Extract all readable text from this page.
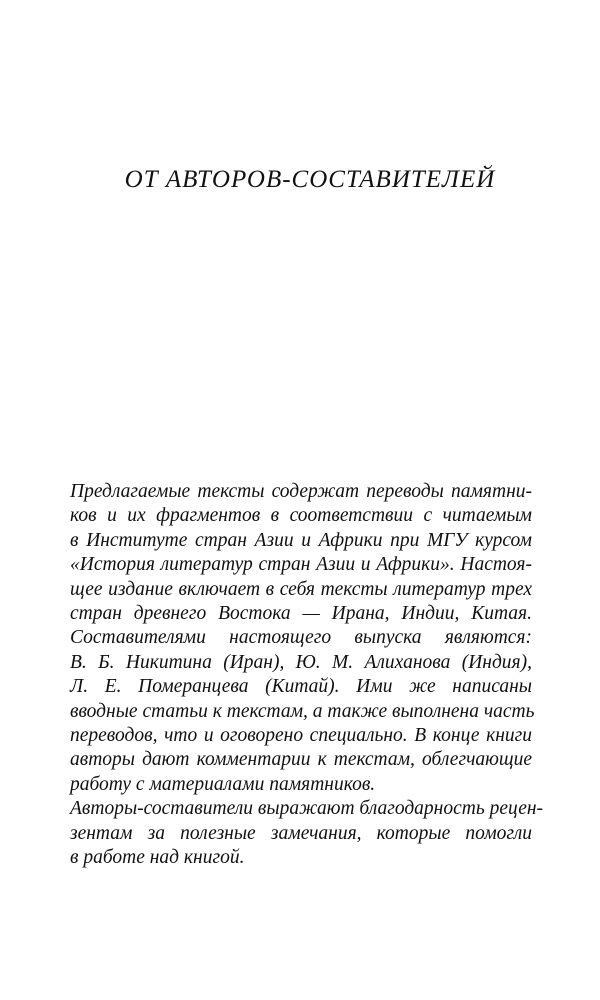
ОТ АВТОРОВ-СОСТАВИТЕЛЕЙ
Предлагаемые тексты содержат переводы памятни-
ков и их фрагментов в соответствии с читаемым
в Институте стран Азии и Африки при МГУ курсом
«История литератур стран Азии и Африки». Настоя-
щее издание включает в себя тексты литератур трех
стран древнего Востока — Ирана, Индии, Китая.
Составителями настоящего выпуска являются:
В. Б. Никитина (Иран), Ю. М. Алиханова (Индия),
Л. Е. Померанцева (Китай). Ими же написаны
вводные статьи к текстам, а также выполнена часть
переводов, что и оговорено специально. В конце книги
авторы дают комментарии к текстам, облегчающие
работу с материалами памятников.
Авторы-составители выражают благодарность рецен-
зентам за полезные замечания, которые помогли
в работе над книгой.
